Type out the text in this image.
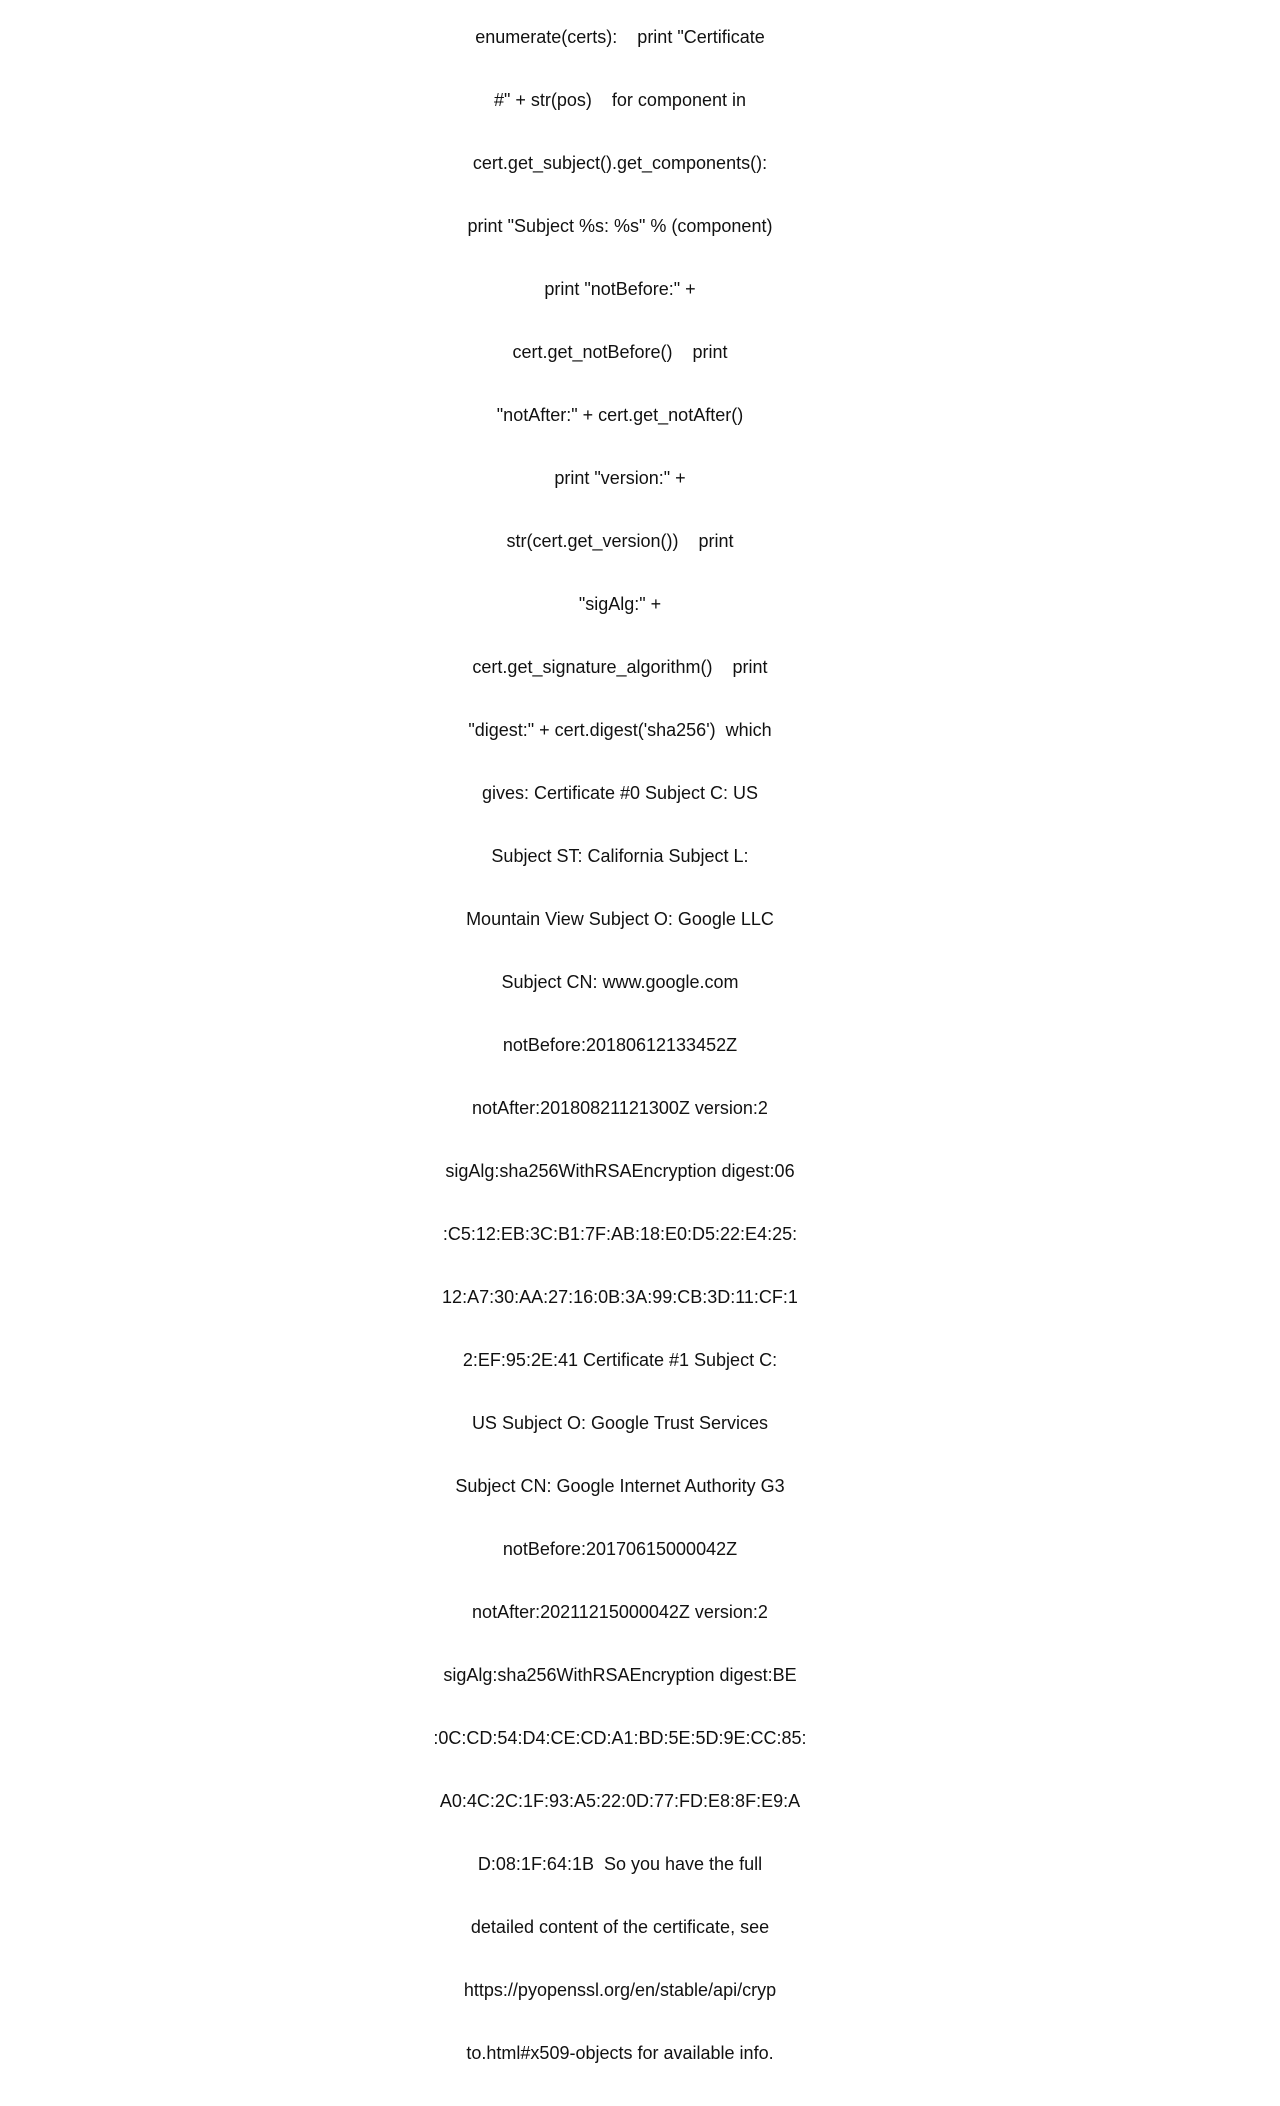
enumerate(certs):    print "Certificate

#" + str(pos)    for component in

cert.get_subject().get_components():

print "Subject %s: %s" % (component)

print "notBefore:" +

cert.get_notBefore()    print

"notAfter:" + cert.get_notAfter()

print "version:" +

str(cert.get_version())    print

"sigAlg:" +

cert.get_signature_algorithm()    print

"digest:" + cert.digest('sha256')  which

gives: Certificate #0 Subject C: US

Subject ST: California Subject L:

Mountain View Subject O: Google LLC

Subject CN: www.google.com

notBefore:20180612133452Z

notAfter:20180821121300Z version:2

sigAlg:sha256WithRSAEncryption digest:06

:C5:12:EB:3C:B1:7F:AB:18:E0:D5:22:E4:25:

12:A7:30:AA:27:16:0B:3A:99:CB:3D:11:CF:1

2:EF:95:2E:41 Certificate #1 Subject C:

US Subject O: Google Trust Services

Subject CN: Google Internet Authority G3

notBefore:20170615000042Z

notAfter:20211215000042Z version:2

sigAlg:sha256WithRSAEncryption digest:BE

:0C:CD:54:D4:CE:CD:A1:BD:5E:5D:9E:CC:85:

A0:4C:2C:1F:93:A5:22:0D:77:FD:E8:8F:E9:A

D:08:1F:64:1B  So you have the full

detailed content of the certificate, see

https://pyopenssl.org/en/stable/api/cryp

to.html#x509-objects for available info.
